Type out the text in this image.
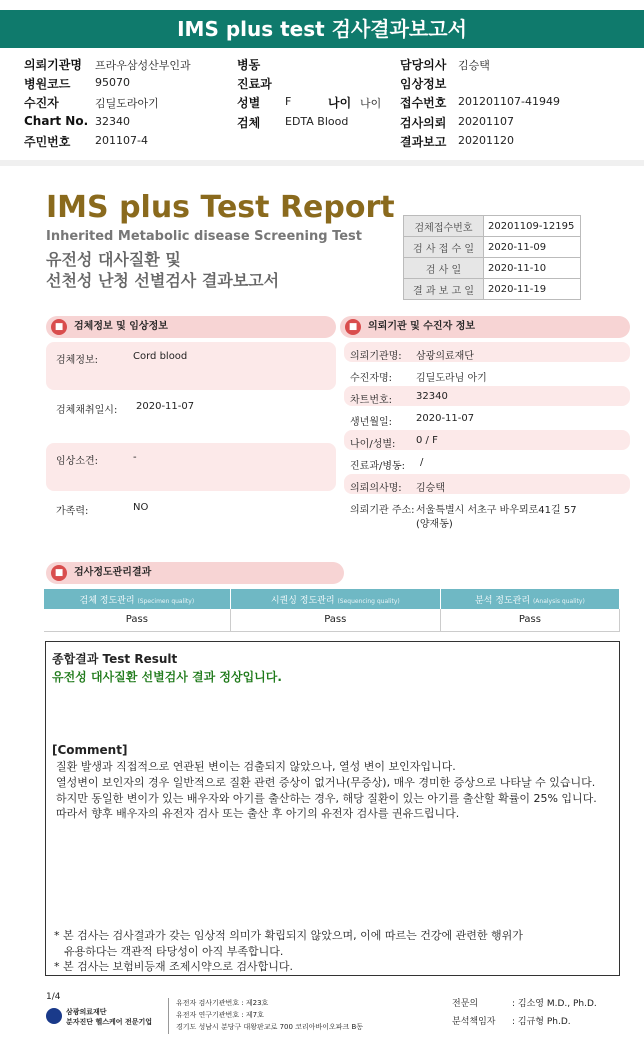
IMS plus test 검사결과보고서
의뢰기관명 프라우삼성산부인과	병동	담당의사 김승택
병원코드 95070	진료과	임상정보
수진자	김딜도라아기	성별 F	나이 나이 접수번호 201201107-41949
Chart No. 32340	검체 EDTA Blood	검사의뢰 20201107
주민번호 201107-4	결과보고 20201120
IMS plus Test Report
Inherited Metabolic disease Screening Test
유전성 대사질환 및
선천성 난청 선별검사 결과보고서
검체접수번호	20201109-12195
검 사 접 수 일	2020-11-09
검 사 일	2020-11-10
결 과 보 고 일	2020-11-19
■	검체정보 및 임상정보
검체정보:	Cord blood
검체채취일시: 2020-11-07
임상소견:	-
가족력:	NO
■	의뢰기관 및 수진자 정보
의뢰기관명: 삼광의료재단
수진자명: 김딜도라님 아기
차트번호: 32340
생년월일: 2020-11-07
나이/성별: 0 / F
진료과/병동: /
의뢰의사명: 김승택
의뢰기관 주소: 서울특별시 서초구 바우뫼로41길 57
(양재동)
■	검사정도관리결과
검체 정도관리 (Specimen quality)	시퀀싱 정도관리 (Sequencing quality)	분석 정도관리 (Analysis quality)
Pass	Pass	Pass
종합결과 Test Result
유전성 대사질환 선별검사 결과 정상입니다.
[Comment]
질환 발생과 직접적으로 연관된 변이는 검출되지 않았으나, 열성 변이 보인자입니다.
열성변이 보인자의 경우 일반적으로 질환 관련 증상이 없거나(무증상), 매우 경미한 증상으로 나타날 수 있습니다. 하지만 동일한 변이가 있는 배우자와 아기를 출산하는 경우, 해당 질환이 있는 아기를 출산할 확률이 25% 입니다. 따라서 향후 배우자의 유전자 검사 또는 출산 후 아기의 유전자 검사를 권유드립니다.
* 본 검사는 검사결과가 갖는 임상적 의미가 확립되지 않았으며, 이에 따르는 건강에 관련한 행위가
유용하다는 객관적 타당성이 아직 부족합니다.
* 본 검사는 보험비등재 조제시약으로 검사합니다.
1/4
삼광의료재단
분자진단 헬스케어 전문기업
유전자 검사기관번호 : 제23호
유전자 연구기관번호 : 제7호
경기도 성남시 분당구 대왕판교로 700 코리아바이오파크 B동
전문의	: 김소영 M.D., Ph.D.
분석책임자 : 김규형 Ph.D.
